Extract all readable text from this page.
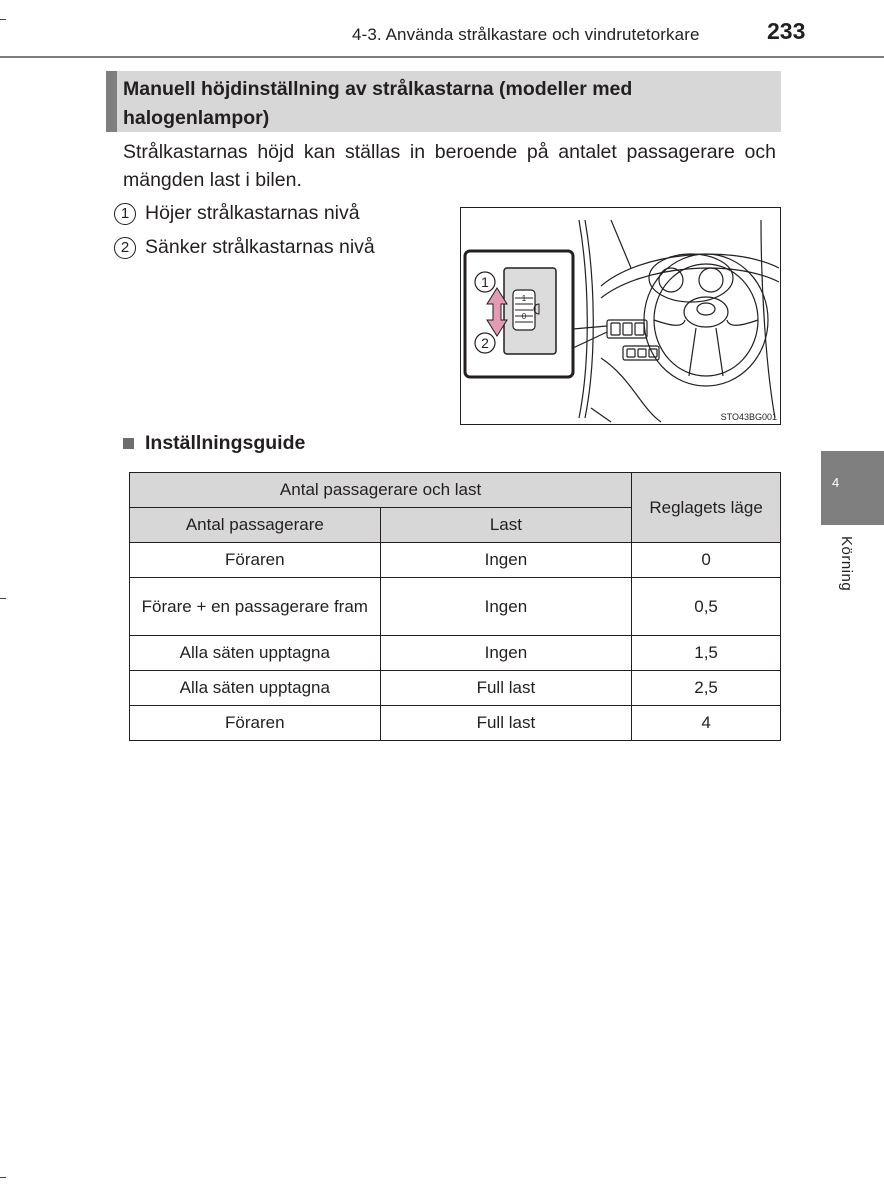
4-3. Använda strålkastare och vindrutetorkare	233
Manuell höjdinställning av strålkastarna (modeller med halogenlampor)
Strålkastarnas höjd kan ställas in beroende på antalet passagerare och mängden last i bilen.
1 Höjer strålkastarnas nivå
2 Sänker strålkastarnas nivå
1
2
1
0
STO43BG001
Inställningsguide
Antal passagerare och last		Reglagets läge
Antal passagerare	Last	
Föraren	Ingen	0
Förare + en passagerare fram	Ingen	0,5
Alla säten upptagna	Ingen	1,5
Alla säten upptagna	Full last	2,5
Föraren	Full last	4
4
Körning
